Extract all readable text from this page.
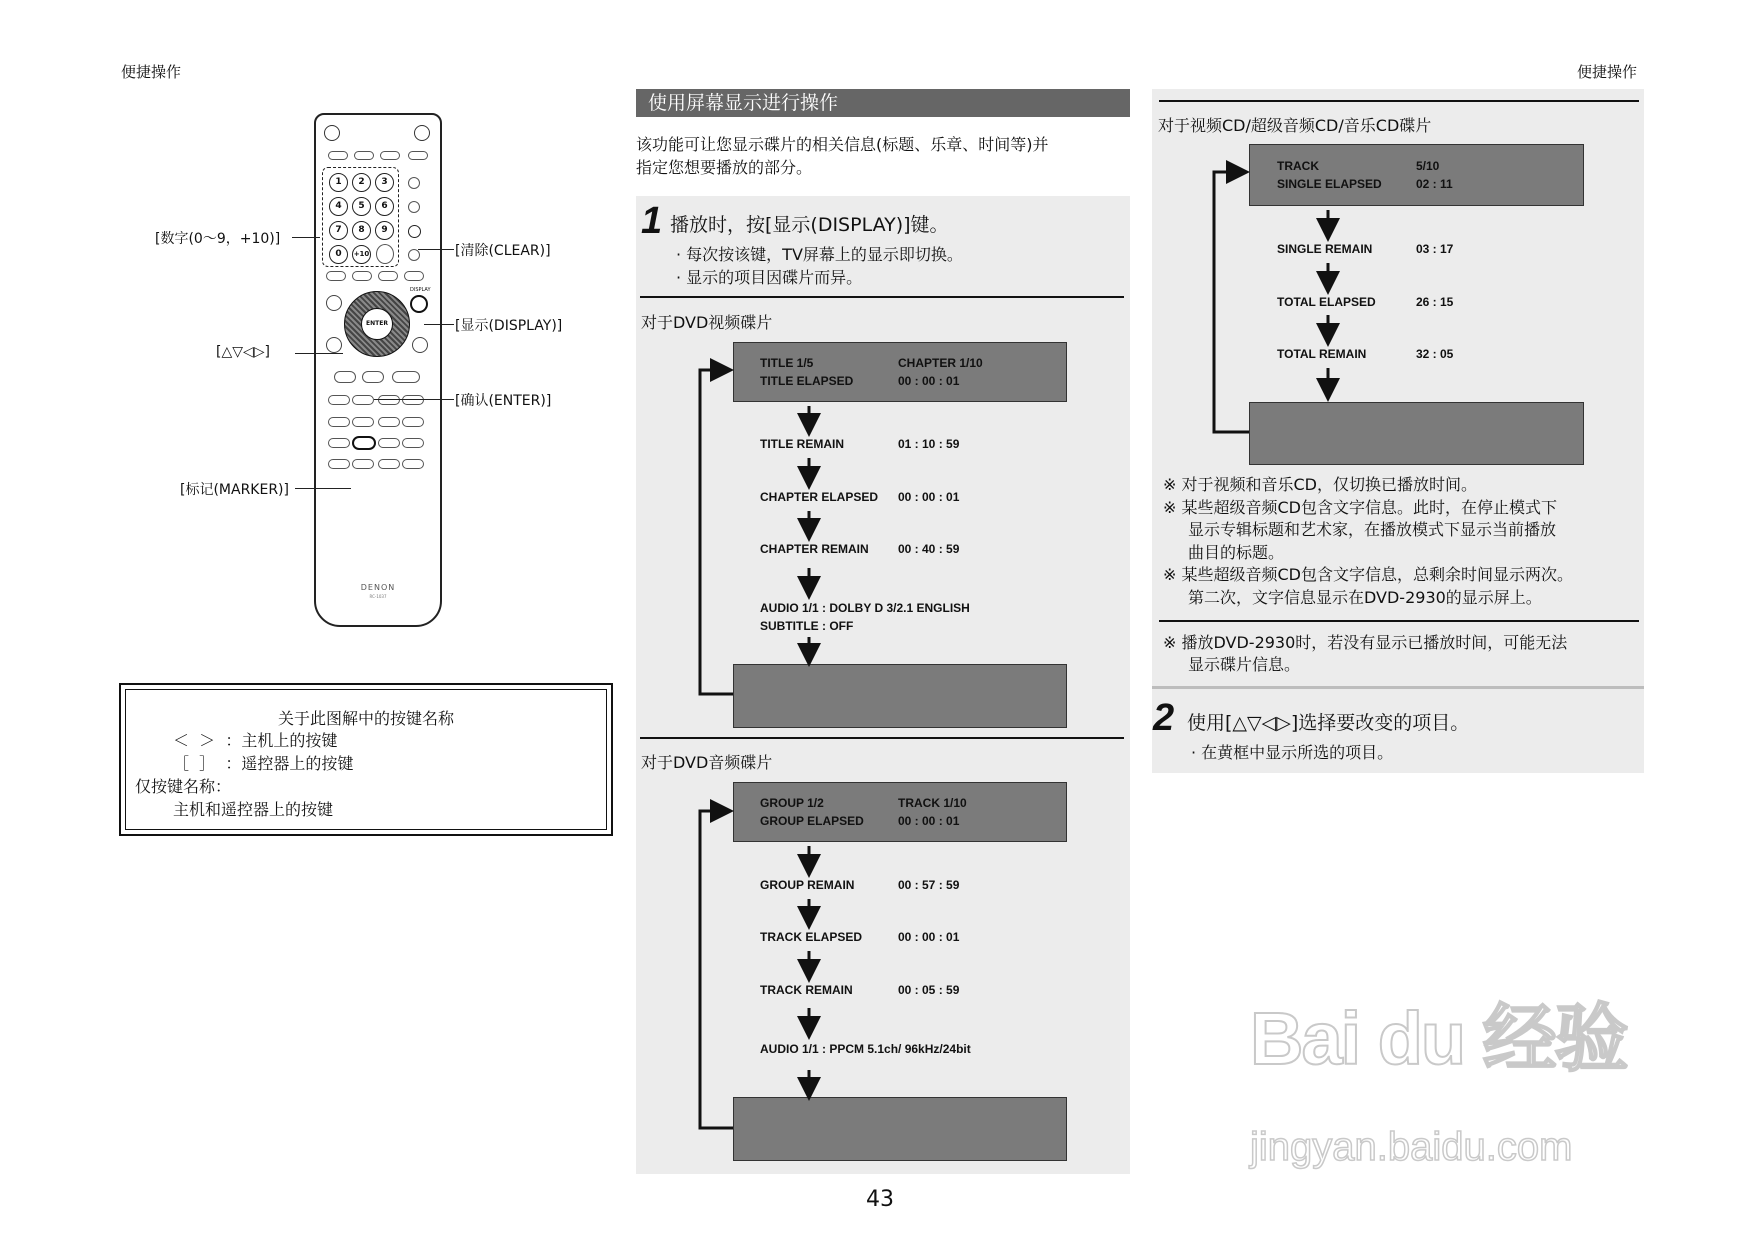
便捷操作	便捷操作
1	2	3
4	5	6
7	8	9
0	+10
DISPLAY
ENTER
DENON
RC-1037
[数字(0～9，+10)]
[清除(CLEAR)]
[显示(DISPLAY)]
[△▽◁▷]
[确认(ENTER)]
[标记(MARKER)]
关于此图解中的按键名称
＜  ＞  ：主机上的按键
［  ］  ：遥控器上的按键
仅按键名称：
主机和遥控器上的按键
使用屏幕显示进行操作
该功能可让您显示碟片的相关信息(标题、乐章、时间等)并
指定您想要播放的部分。
1 播放时，按[显示(DISPLAY)]键。
· 每次按该键，TV屏幕上的显示即切换。
· 显示的项目因碟片而异。
对于DVD视频碟片
TITLE 1/5	CHAPTER 1/10
TITLE ELAPSED	00 : 00 : 01
TITLE REMAIN	01 : 10 : 59
CHAPTER ELAPSED 00 : 00 : 01
CHAPTER REMAIN 00 : 40 : 59
AUDIO 1/1 : DOLBY D 3/2.1 ENGLISH
SUBTITLE : OFF
对于DVD音频碟片
GROUP 1/2	TRACK 1/10
GROUP ELAPSED	00 : 00 : 01
GROUP REMAIN	00 : 57 : 59
TRACK ELAPSED	00 : 00 : 01
TRACK REMAIN	00 : 05 : 59
AUDIO 1/1 : PPCM 5.1ch/ 96kHz/24bit
对于视频CD/超级音频CD/音乐CD碟片
TRACK	5/10
SINGLE ELAPSED	02 : 11
SINGLE REMAIN	03 : 17
TOTAL ELAPSED	26 : 15
TOTAL REMAIN	32 : 05
※ 对于视频和音乐CD，仅切换已播放时间。
※ 某些超级音频CD包含文字信息。此时，在停止模式下
显示专辑标题和艺术家，在播放模式下显示当前播放
曲目的标题。
※ 某些超级音频CD包含文字信息，总剩余时间显示两次。
第二次，文字信息显示在DVD-2930的显示屏上。
※ 播放DVD-2930时，若没有显示已播放时间，可能无法
显示碟片信息。
2 使用[△▽◁▷]选择要改变的项目。
· 在黄框中显示所选的项目。
43
Bai du 经验
jingyan.baidu.com
